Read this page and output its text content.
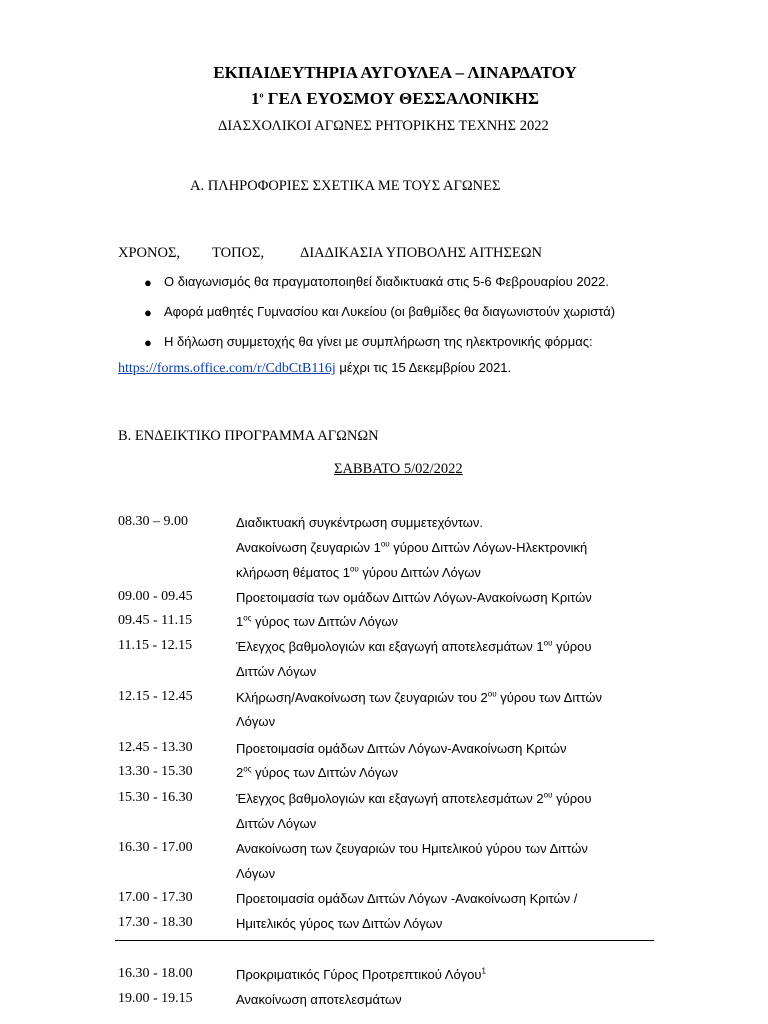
ΕΚΠΑΙΔΕΥΤΗΡΙΑ ΑΥΓΟΥΛΕΑ – ΛΙΝΑΡΔΑΤΟΥ
$1^o$ ΓΕΛ ΕΥΟΣΜΟΥ ΘΕΣΣΑΛΟΝΙΚΗΣ
ΔΙΑΣΧΟΛΙΚΟΙ ΑΓΩΝΕΣ ΡΗΤΟΡΙΚΗΣ ΤΕΧΝΗΣ 2022
Α. ΠΛΗΡΟΦΟΡΙΕΣ ΣΧΕΤΙΚΑ ΜΕ ΤΟΥΣ ΑΓΩΝΕΣ
ΧΡΟΝΟΣ, ΤΟΠΟΣ, ΔΙΑΔΙΚΑΣΙΑ ΥΠΟΒΟΛΗΣ ΑΙΤΗΣΕΩΝ
● Ο διαγωνισμός θα πραγματοποιηθεί διαδικτυακά στις 5-6 Φεβρουαρίου 2022.
● Αφορά μαθητές Γυμνασίου και Λυκείου (οι βαθμίδες θα διαγωνιστούν χωριστά)
● Η δήλωση συμμετοχής θα γίνει με συμπλήρωση της ηλεκτρονικής φόρμας:
https://forms.office.com/r/CdbCtB116j μέχρι τις 15 Δεκεμβρίου 2021.
Β. ΕΝΔΕΙΚΤΙΚΟ ΠΡΟΓΡΑΜΜΑ ΑΓΩΝΩΝ
ΣΑΒΒΑΤΟ 5/02/2022
08.30 – 9.00	Διαδικτυακή συγκέντρωση συμμετεχόντων.
Ανακοίνωση ζευγαριών $1^{o\upsilon}$ γύρου Διττών Λόγων-Ηλεκτρονική
κλήρωση θέματος $1^{o\upsilon}$ γύρου Διττών Λόγων
09.00 - 09.45	Προετοιμασία των ομάδων Διττών Λόγων-Ανακοίνωση Κριτών
09.45 - 11.15	$1^{o\varsigma}$ γύρος των Διττών Λόγων
11.15 - 12.15	Έλεγχος βαθμολογιών και εξαγωγή αποτελεσμάτων $1^{o\upsilon}$ γύρου
Διττών Λόγων
12.15 - 12.45	Κλήρωση/Ανακοίνωση των ζευγαριών του $2^{o\upsilon}$ γύρου των Διττών
Λόγων
12.45 - 13.30	Προετοιμασία ομάδων Διττών Λόγων-Ανακοίνωση Κριτών
13.30 - 15.30	$2^{o\varsigma}$ γύρος των Διττών Λόγων
15.30 - 16.30	Έλεγχος βαθμολογιών και εξαγωγή αποτελεσμάτων $2^{o\upsilon}$ γύρου
Διττών Λόγων
16.30 - 17.00	Ανακοίνωση των ζευγαριών του Ημιτελικού γύρου των Διττών
Λόγων
17.00 - 17.30	Προετοιμασία ομάδων Διττών Λόγων -Ανακοίνωση Κριτών /
17.30 - 18.30	Ημιτελικός γύρος των Διττών Λόγων
16.30 - 18.00	Προκριματικός Γύρος Προτρεπτικού Λόγου$^1$
19.00 - 19.15	Ανακοίνωση αποτελεσμάτων
